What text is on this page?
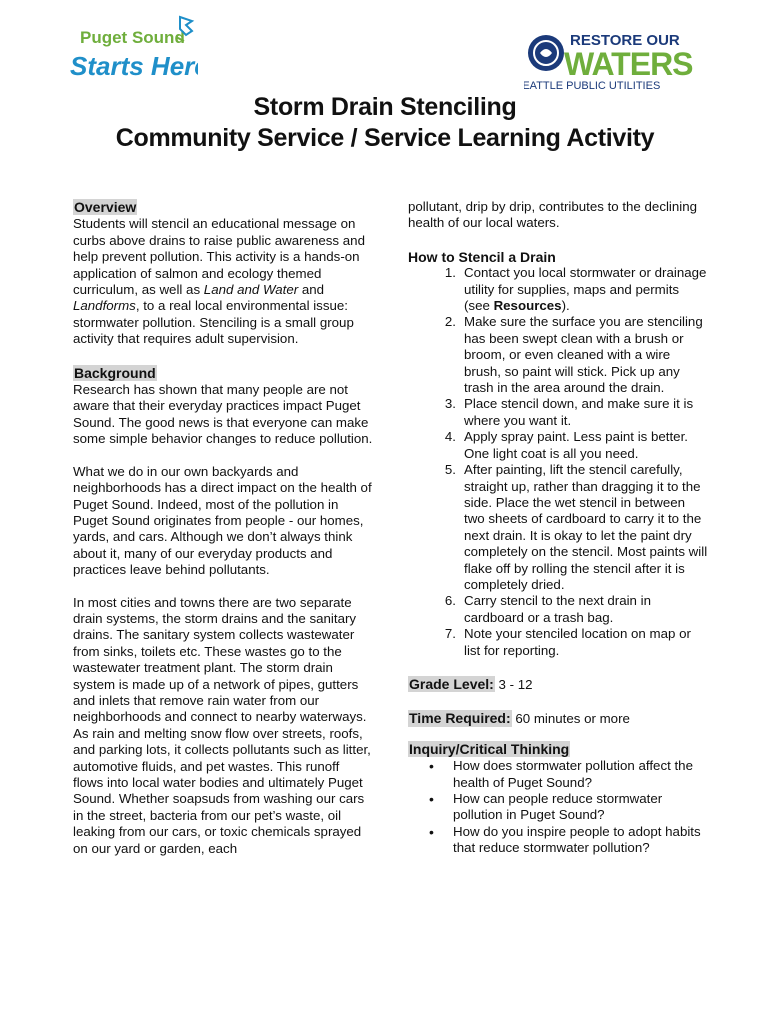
Puget Sound
Starts Here
RESTORE OUR
WATERS
SEATTLE PUBLIC UTILITIES
Storm Drain Stenciling
Community Service / Service Learning Activity
Overview

Students will stencil an educational message on curbs above drains to raise public awareness and help prevent pollution. This activity is a hands-on application of salmon and ecology themed curriculum, as well as Land and Water and Landforms, to a real local environmental issue: stormwater pollution. Stenciling is a small group activity that requires adult supervision.

Background

Research has shown that many people are not aware that their everyday practices impact Puget Sound. The good news is that everyone can make some simple behavior changes to reduce pollution.

What we do in our own backyards and neighborhoods has a direct impact on the health of Puget Sound. Indeed, most of the pollution in Puget Sound originates from people - our homes, yards, and cars. Although we don’t always think about it, many of our everyday products and practices leave behind pollutants.

In most cities and towns there are two separate drain systems, the storm drains and the sanitary drains. The sanitary system collects wastewater from sinks, toilets etc. These wastes go to the wastewater treatment plant. The storm drain system is made up of a network of pipes, gutters and inlets that remove rain water from our neighborhoods and connect to nearby waterways. As rain and melting snow flow over streets, roofs, and parking lots, it collects pollutants such as litter, automotive fluids, and pet wastes. This runoff flows into local water bodies and ultimately Puget Sound. Whether soapsuds from washing our cars in the street, bacteria from our pet’s waste, oil leaking from our cars, or toxic chemicals sprayed on our yard or garden, each

pollutant, drip by drip, contributes to the declining health of our local waters.

How to Stencil a Drain
1. Contact you local stormwater or drainage utility for supplies, maps and permits (see Resources).
2. Make sure the surface you are stenciling has been swept clean with a brush or broom, or even cleaned with a wire brush, so paint will stick. Pick up any trash in the area around the drain.
3. Place stencil down, and make sure it is where you want it.
4. Apply spray paint. Less paint is better. One light coat is all you need.
5. After painting, lift the stencil carefully, straight up, rather than dragging it to the side. Place the wet stencil in between two sheets of cardboard to carry it to the next drain. It is okay to let the paint dry completely on the stencil. Most paints will flake off by rolling the stencil after it is completely dried.
6. Carry stencil to the next drain in cardboard or a trash bag.
7. Note your stenciled location on map or list for reporting.
Grade Level: 3 - 12
Time Required: 60 minutes or more
Inquiry/Critical Thinking
• How does stormwater pollution affect the health of Puget Sound?
• How can people reduce stormwater pollution in Puget Sound?
• How do you inspire people to adopt habits that reduce stormwater pollution?
